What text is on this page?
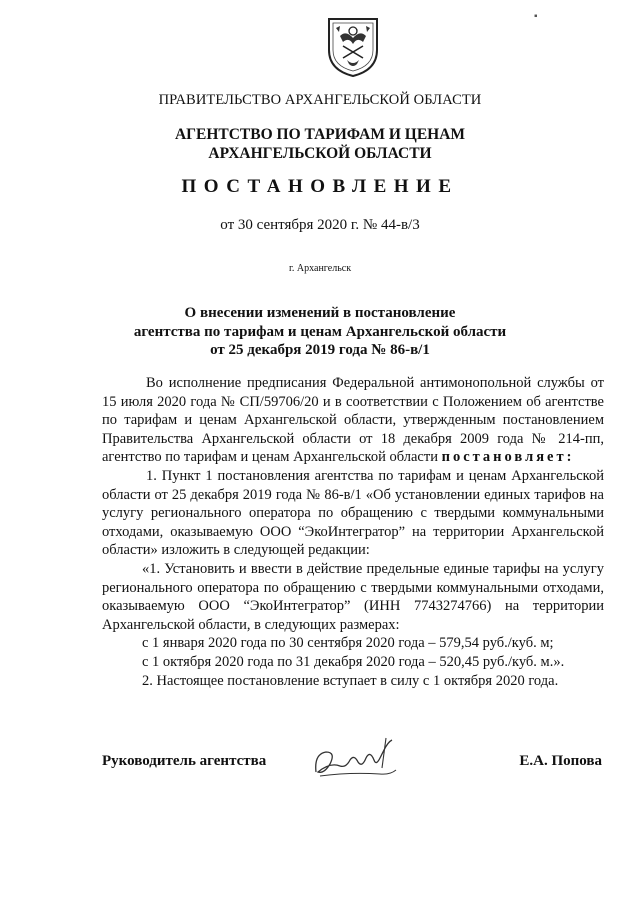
▪
ПРАВИТЕЛЬСТВО АРХАНГЕЛЬСКОЙ ОБЛАСТИ
АГЕНТСТВО ПО ТАРИФАМ И ЦЕНАМ
АРХАНГЕЛЬСКОЙ ОБЛАСТИ
ПОСТАНОВЛЕНИЕ
от 30 сентября 2020 г. № 44-в/3
г. Архангельск
О внесении изменений в постановление
агентства по тарифам и ценам Архангельской области
от 25 декабря 2019 года № 86-в/1

Во исполнение предписания Федеральной антимонопольной службы от 15 июля 2020 года № СП/59706/20 и в соответствии с Положением об агентстве по тарифам и ценам Архангельской области, утвержденным постановлением Правительства Архангельской области от 18 декабря 2009 года № 214-пп, агентство по тарифам и ценам Архангельской области постановляет:

1. Пункт 1 постановления агентства по тарифам и ценам Архангельской области от 25 декабря 2019 года № 86-в/1 «Об установлении единых тарифов на услугу регионального оператора по обращению с твердыми коммунальными отходами, оказываемую ООО “ЭкоИнтегратор” на территории Архангельской области» изложить в следующей редакции:

«1. Установить и ввести в действие предельные единые тарифы на услугу регионального оператора по обращению с твердыми коммунальными отходами, оказываемую ООО “ЭкоИнтегратор” (ИНН 7743274766) на территории Архангельской области, в следующих размерах:

с 1 января 2020 года по 30 сентября 2020 года – 579,54 руб./куб. м;

с 1 октября 2020 года по 31 декабря 2020 года – 520,45 руб./куб. м.».

2. Настоящее постановление вступает в силу с 1 октября 2020 года.

Руководитель агентства	Е.А. Попова
